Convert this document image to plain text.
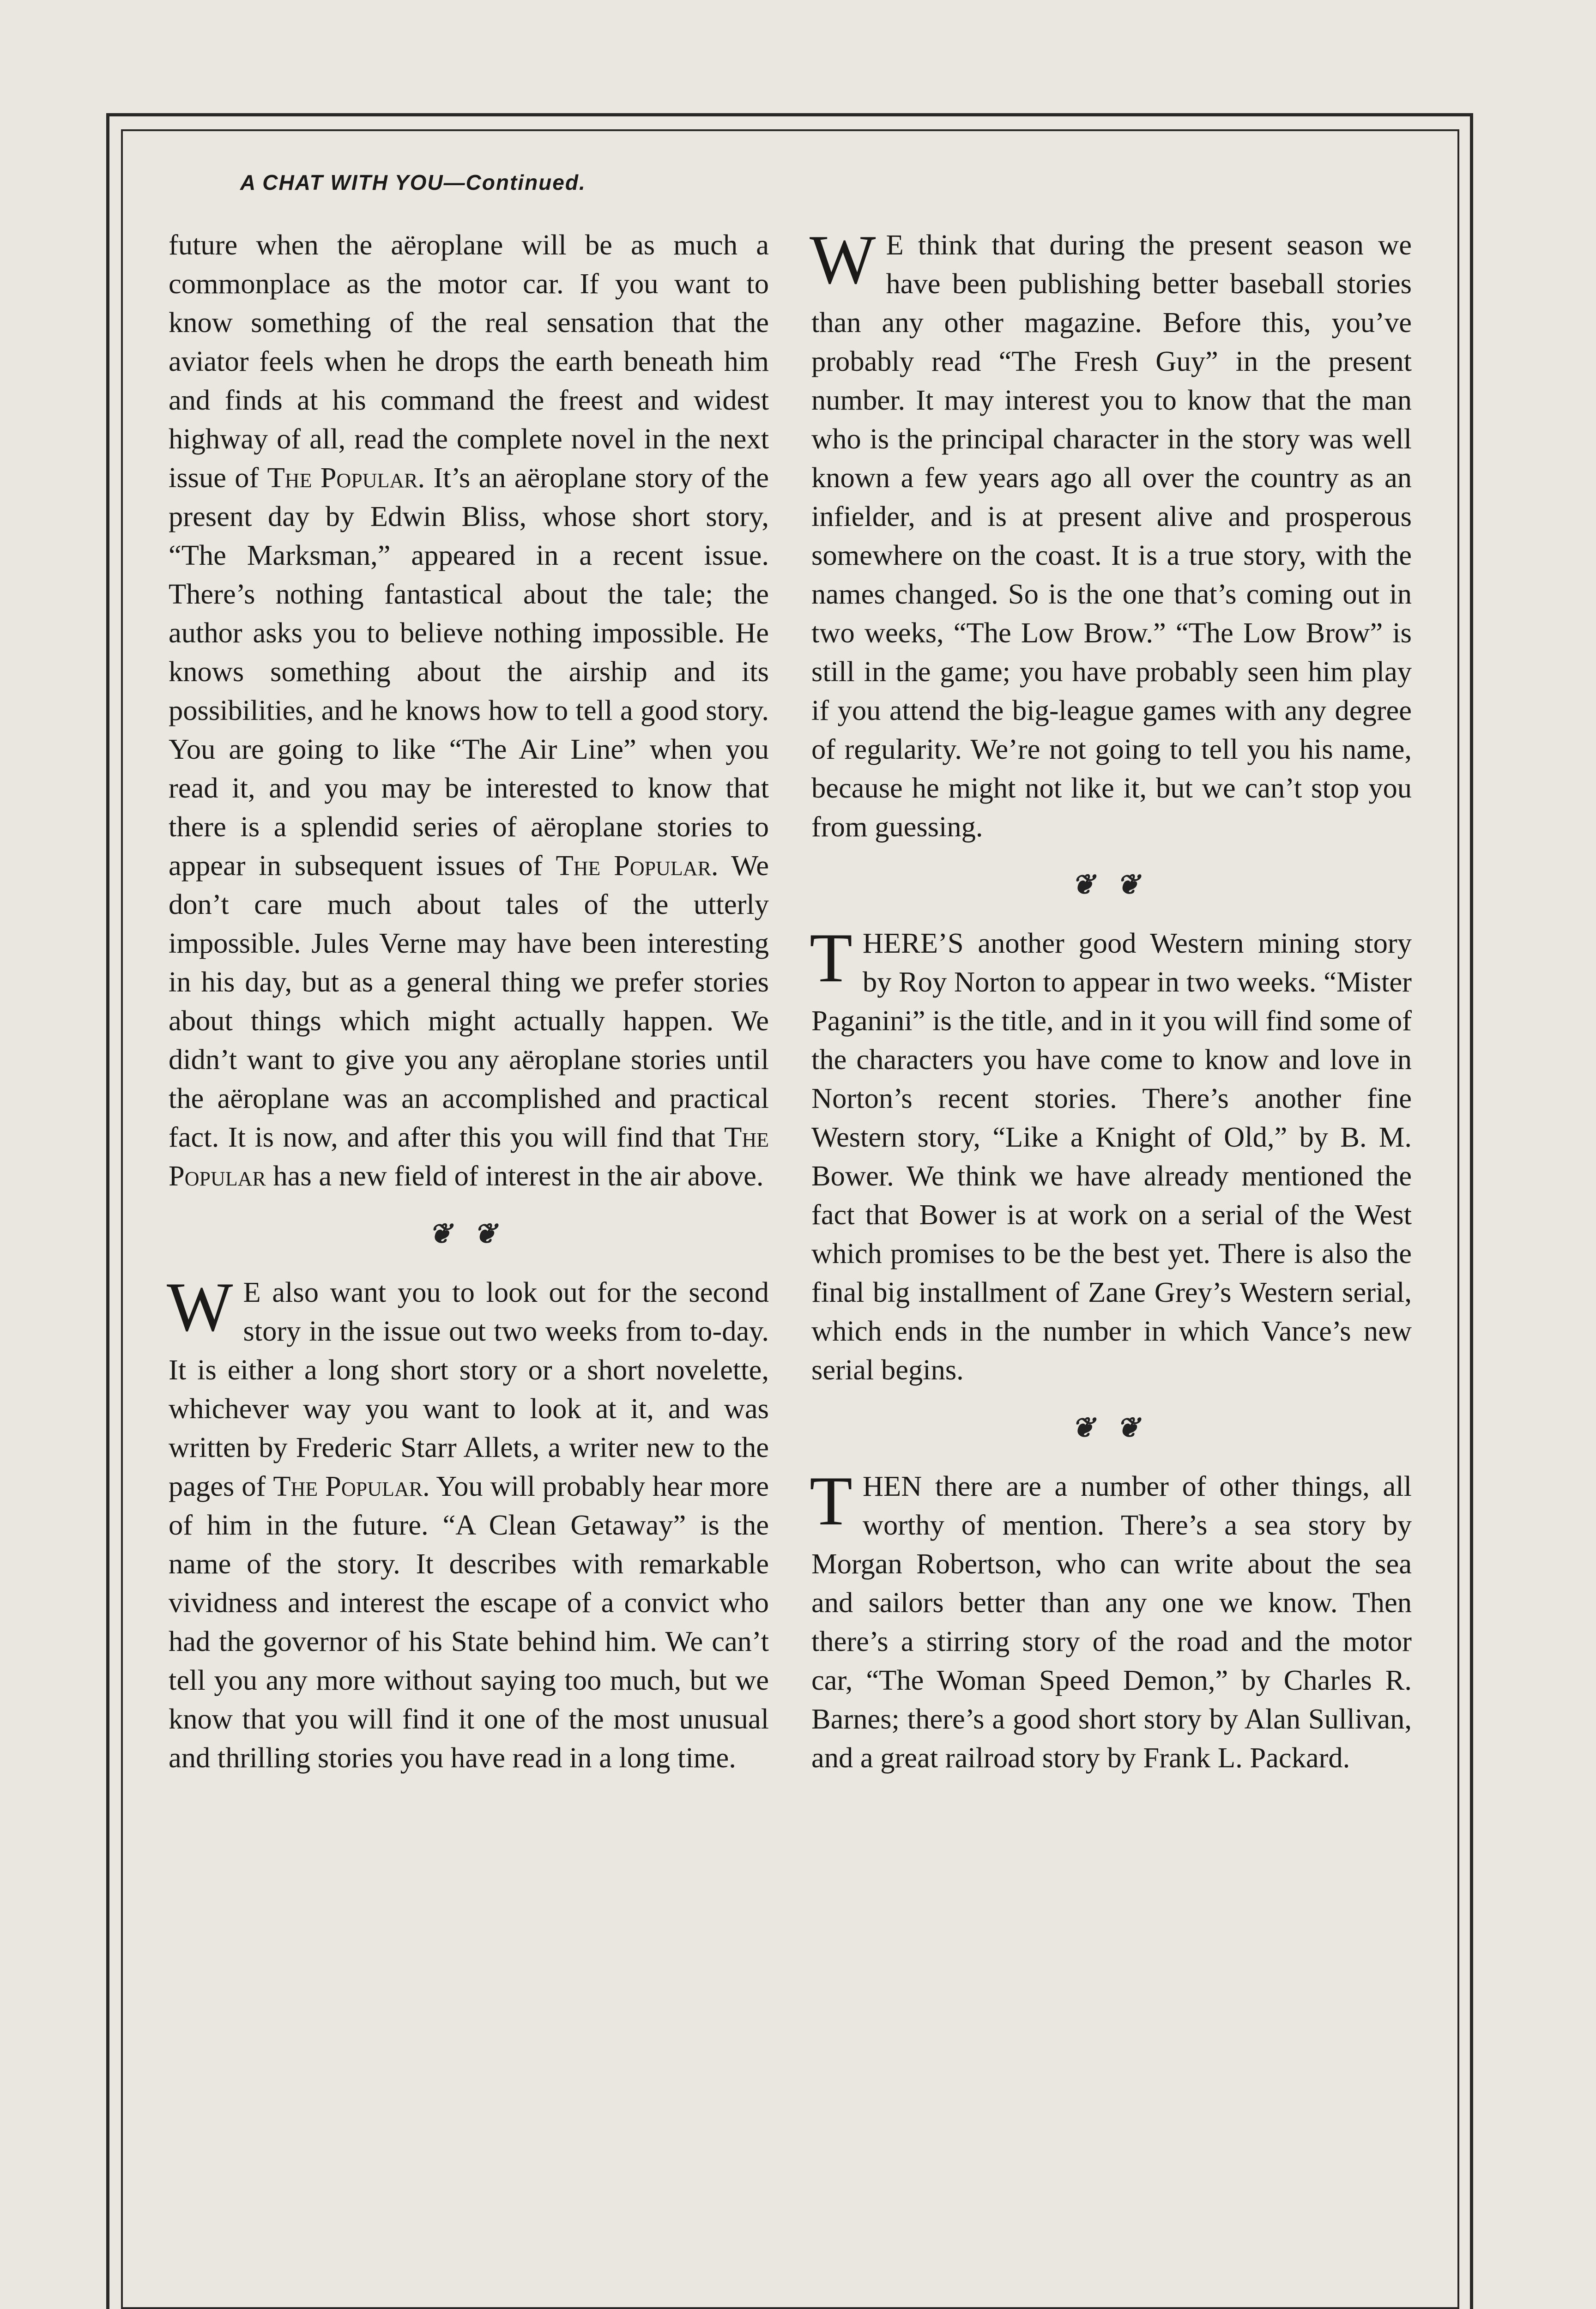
A CHAT WITH YOU—Continued.

future when the aëroplane will be as much a commonplace as the motor car. If you want to know something of the real sensation that the aviator feels when he drops the earth beneath him and finds at his command the freest and widest highway of all, read the complete novel in the next issue of The Popular. It’s an aëroplane story of the present day by Edwin Bliss, whose short story, “The Marksman,” appeared in a recent issue. There’s nothing fantastical about the tale; the author asks you to believe nothing impossible. He knows something about the airship and its possibilities, and he knows how to tell a good story. You are going to like “The Air Line” when you read it, and you may be interested to know that there is a splendid series of aëroplane stories to appear in subsequent issues of The Popular. We don’t care much about tales of the utterly impossible. Jules Verne may have been interesting in his day, but as a general thing we prefer stories about things which might actually happen. We didn’t want to give you any aëroplane stories until the aëroplane was an accomplished and practical fact. It is now, and after this you will find that The Popular has a new field of interest in the air above.

❦ ❦

W E also want you to look out for the second story in the issue out two weeks from to-day. It is either a long short story or a short novelette, whichever way you want to look at it, and was written by Frederic Starr Allets, a writer new to the pages of The Popular. You will probably hear more of him in the future. “A Clean Getaway” is the name of the story. It describes with remarkable vividness and interest the escape of a convict who had the governor of his State behind him. We can’t tell you any more without saying too much, but we know that you will find it one of the most unusual and thrilling stories you have read in a long time.

W E think that during the present season we have been publishing better baseball stories than any other magazine. Before this, you’ve probably read “The Fresh Guy” in the present number. It may interest you to know that the man who is the principal character in the story was well known a few years ago all over the country as an infielder, and is at present alive and prosperous somewhere on the coast. It is a true story, with the names changed. So is the one that’s coming out in two weeks, “The Low Brow.” “The Low Brow” is still in the game; you have probably seen him play if you attend the big-league games with any degree of regularity. We’re not going to tell you his name, because he might not like it, but we can’t stop you from guessing.

❦ ❦

THERE’S another good Western mining story by Roy Norton to appear in two weeks. “Mister Paganini” is the title, and in it you will find some of the characters you have come to know and love in Norton’s recent stories. There’s another fine Western story, “Like a Knight of Old,” by B. M. Bower. We think we have already mentioned the fact that Bower is at work on a serial of the West which promises to be the best yet. There is also the final big installment of Zane Grey’s Western serial, which ends in the number in which Vance’s new serial begins.

❦ ❦

THEN there are a number of other things, all worthy of mention. There’s a sea story by Morgan Robertson, who can write about the sea and sailors better than any one we know. Then there’s a stirring story of the road and the motor car, “The Woman Speed Demon,” by Charles R. Barnes; there’s a good short story by Alan Sullivan, and a great railroad story by Frank L. Packard.
